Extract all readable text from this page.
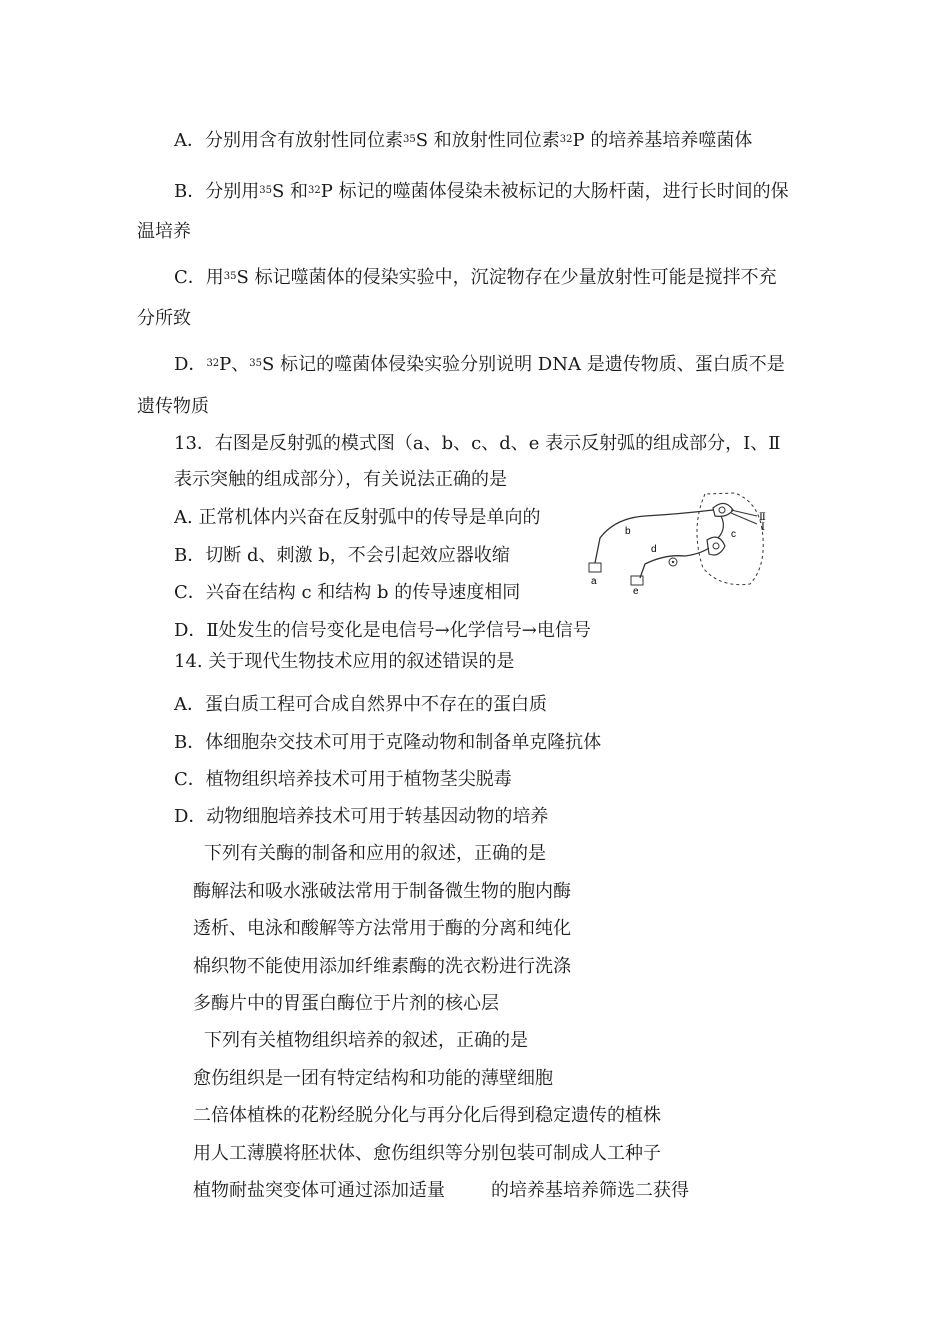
A．分别用含有放射性同位素$^{35}$S 和放射性同位素$^{32}$P 的培养基培养噬菌体
B．分别用$^{35}$S 和$^{32}$P 标记的噬菌体侵染未被标记的大肠杆菌，进行长时间的保
温培养
C．用$^{35}$S 标记噬菌体的侵染实验中，沉淀物存在少量放射性可能是搅拌不充
分所致
D．$^{32}$P、$^{35}$S 标记的噬菌体侵染实验分别说明 DNA 是遗传物质、蛋白质不是
遗传物质
13．右图是反射弧的模式图（a、b、c、d、e 表示反射弧的组成部分，Ⅰ、Ⅱ
表示突触的组成部分），有关说法正确的是
A. 正常机体内兴奋在反射弧中的传导是单向的
B．切断 d、刺激 b，不会引起效应器收缩
C．兴奋在结构 c 和结构 b 的传导速度相同
D．Ⅱ处发生的信号变化是电信号→化学信号→电信号
a
b	c
d
e
Ⅱ
Ⅰ
14. 关于现代生物技术应用的叙述错误的是
A．蛋白质工程可合成自然界中不存在的蛋白质
B．体细胞杂交技术可用于克隆动物和制备单克隆抗体
C．植物组织培养技术可用于植物茎尖脱毒
D．动物细胞培养技术可用于转基因动物的培养
下列有关酶的制备和应用的叙述，正确的是
酶解法和吸水涨破法常用于制备微生物的胞内酶
透析、电泳和酸解等方法常用于酶的分离和纯化
棉织物不能使用添加纤维素酶的洗衣粉进行洗涤
多酶片中的胃蛋白酶位于片剂的核心层
下列有关植物组织培养的叙述，正确的是
愈伤组织是一团有特定结构和功能的薄壁细胞
二倍体植株的花粉经脱分化与再分化后得到稳定遗传的植株
用人工薄膜将胚状体、愈伤组织等分别包装可制成人工种子
植物耐盐突变体可通过添加适量	的培养基培养筛选二获得
